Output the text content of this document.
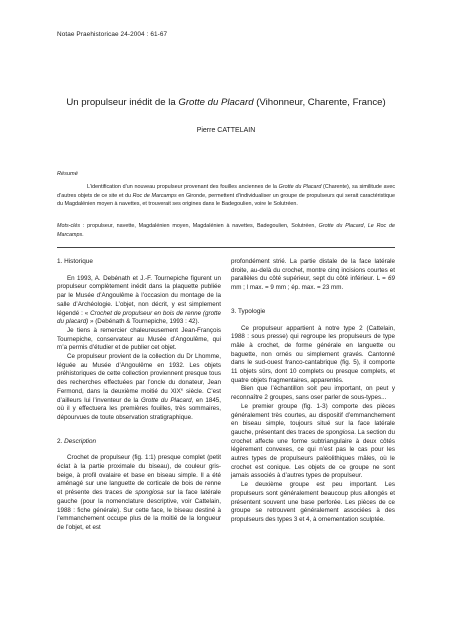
Notae Praehistoricae 24-2004 : 61-67
Un propulseur inédit de la Grotte du Placard (Vihonneur, Charente, France)
Pierre CATTELAIN
Résumé
L’identification d’un nouveau propulseur provenant des fouilles anciennes de la Grotte du Placard (Charente), sa similitude avec d’autres objets de ce site et du Roc de Marcamps en Gironde, permettent d’individualiser un groupe de propulseurs qui serait caractéristique du Magdalénien moyen à navettes, et trouverait ses origines dans le Badegoulien, voire le Solutréen.
Mots-clés : propulseur, navette, Magdalénien moyen, Magdalénien à navettes, Badegoulien, Solutréen, Grotte du Placard, Le Roc de Marcamps.
1. Historique

En 1993, A. Debénath et J.-F. Tournepiche figurent un propulseur complètement inédit dans la plaquette publiée par le Musée d’Angoulême à l’occasion du montage de la salle d’Archéologie. L’objet, non décrit, y est simplement légendé : « Crochet de propulseur en bois de renne (grotte du placard) » (Debénath & Tournepiche, 1993 : 42).

Je tiens à remercier chaleureusement Jean-François Tournepiche, conservateur au Musée d’Angoulême, qui m’a permis d’étudier et de publier cet objet.

Ce propulseur provient de la collection du Dr Lhomme, léguée au Musée d’Angoulême en 1932. Les objets préhistoriques de cette collection proviennent presque tous des recherches effectuées par l’oncle du donateur, Jean Fermond, dans la deuxième moitié du XIXe siècle. C’est d’ailleurs lui l’inventeur de la Grotte du Placard, en 1845, où il y effectuera les premières fouilles, très sommaires, dépourvues de toute observation stratigraphique.

2. Description

Crochet de propulseur (fig. 1:1) presque complet (petit éclat à la partie proximale du biseau), de couleur gris-beige, à profil ovalaire et base en biseau simple. Il a été aménagé sur une languette de corticale de bois de renne et présente des traces de spongiosa sur la face latérale gauche (pour la nomenclature descriptive, voir Cattelain, 1988 : fiche générale). Sur cette face, le biseau destiné à l’emmanchement occupe plus de la moitié de la longueur de l’objet, et est

profondément strié. La partie distale de la face latérale droite, au-delà du crochet, montre cinq incisions courtes et parallèles du côté supérieur, sept du côté inférieur. L = 69 mm ; l max. = 9 mm ; ép. max. = 23 mm.

3. Typologie

Ce propulseur appartient à notre type 2 (Cattelain, 1988 : sous presse) qui regroupe les propulseurs de type mâle à crochet, de forme générale en languette ou baguette, non ornés ou simplement gravés. Cantonné dans le sud-ouest franco-cantabrique (fig. 5), il comporte 11 objets sûrs, dont 10 complets ou presque complets, et quatre objets fragmentaires, apparentés.

Bien que l’échantillon soit peu important, on peut y reconnaître 2 groupes, sans oser parler de sous-types...

Le premier groupe (fig. 1-3) comporte des pièces généralement très courtes, au dispositif d’emmanchement en biseau simple, toujours situé sur la face latérale gauche, présentant des traces de spongiosa. La section du crochet affecte une forme subtriangulaire à deux côtés légèrement convexes, ce qui n’est pas le cas pour les autres types de propulseurs paléolithiques mâles, où le crochet est conique. Les objets de ce groupe ne sont jamais associés à d’autres types de propulseur.

Le deuxième groupe est peu important. Les propulseurs sont généralement beaucoup plus allongés et présentent souvent une base perforée. Les pièces de ce groupe se retrouvent généralement associées à des propulseurs des types 3 et 4, à ornementation sculptée.
